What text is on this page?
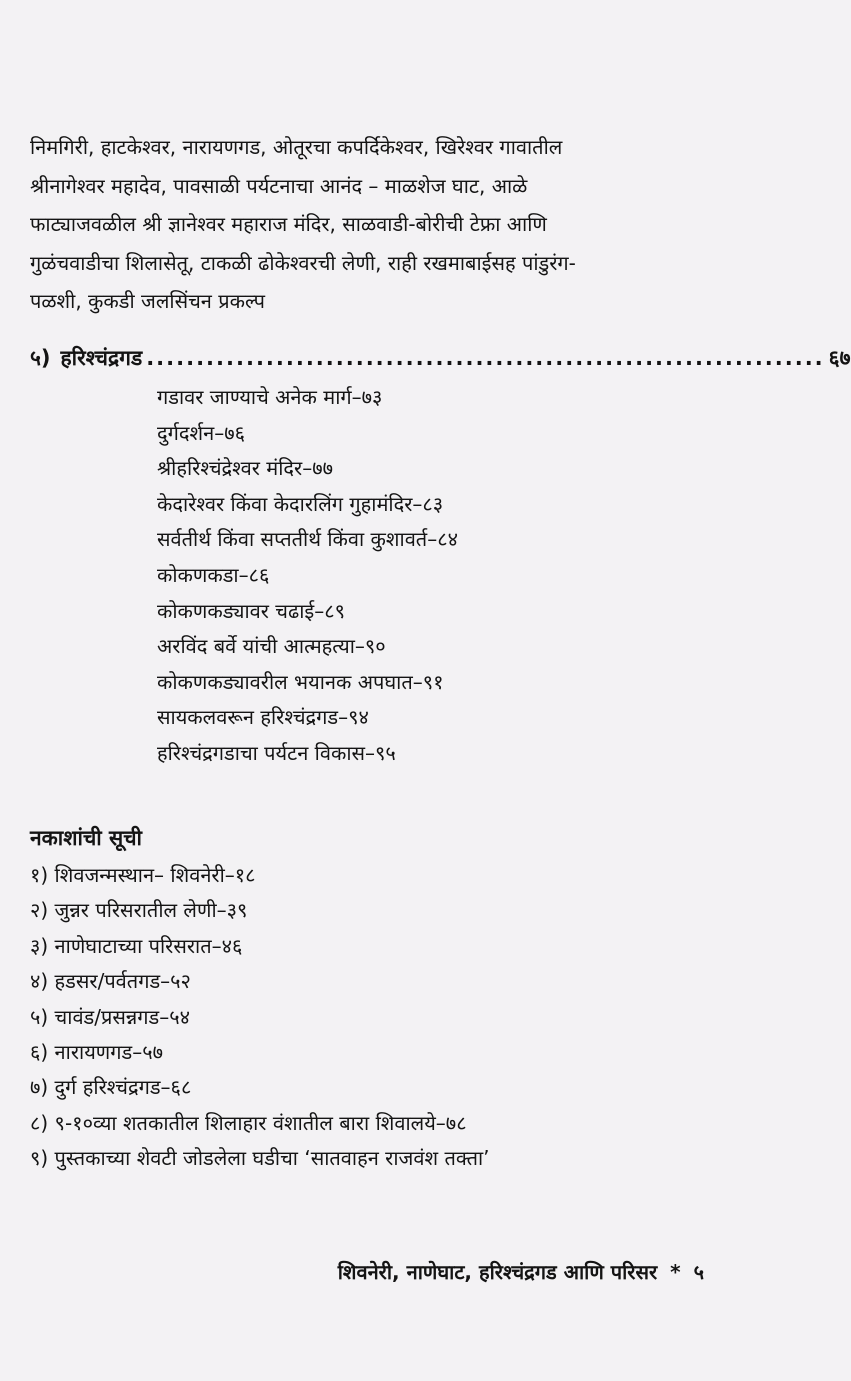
निमगिरी, हाटकेश्वर, नारायणगड, ओतूरचा कपर्दिकेश्वर, खिरेश्वर गावातील
श्रीनागेश्वर महादेव, पावसाळी पर्यटनाचा आनंद – माळशेज घाट, आळे
फाट्याजवळील श्री ज्ञानेश्वर महाराज मंदिर, साळवाडी-बोरीची टेफ्रा आणि
गुळंचवाडीचा शिलासेतू, टाकळी ढोकेश्वरची लेणी, राही रखमाबाईसह पांडुरंग-
पळशी, कुकडी जलसिंचन प्रकल्प

५) हरिश्चंद्रगड .................................................................... ६७
गडावर जाण्याचे अनेक मार्ग–७३
दुर्गदर्शन–७६
श्रीहरिश्चंद्रेश्वर मंदिर–७७
केदारेश्वर किंवा केदारलिंग गुहामंदिर–८३
सर्वतीर्थ किंवा सप्ततीर्थ किंवा कुशावर्त–८४
कोकणकडा–८६
कोकणकड्यावर चढाई–८९
अरविंद बर्वे यांची आत्महत्या–९०
कोकणकड्यावरील भयानक अपघात–९१
सायकलवरून हरिश्चंद्रगड–९४
हरिश्चंद्रगडाचा पर्यटन विकास–९५
नकाशांची सूची
१) शिवजन्मस्थान– शिवनेरी–१८
२) जुन्नर परिसरातील लेणी–३९
३) नाणेघाटाच्या परिसरात–४६
४) हडसर/पर्वतगड–५२
५) चावंड/प्रसन्नगड–५४
६) नारायणगड–५७
७) दुर्ग हरिश्चंद्रगड–६८
८) ९-१०व्या शतकातील शिलाहार वंशातील बारा शिवालये–७८
९) पुस्तकाच्या शेवटी जोडलेला घडीचा ‘सातवाहन राजवंश तक्ता’
शिवनेरी, नाणेघाट, हरिश्चंद्रगड आणि परिसर * ५
